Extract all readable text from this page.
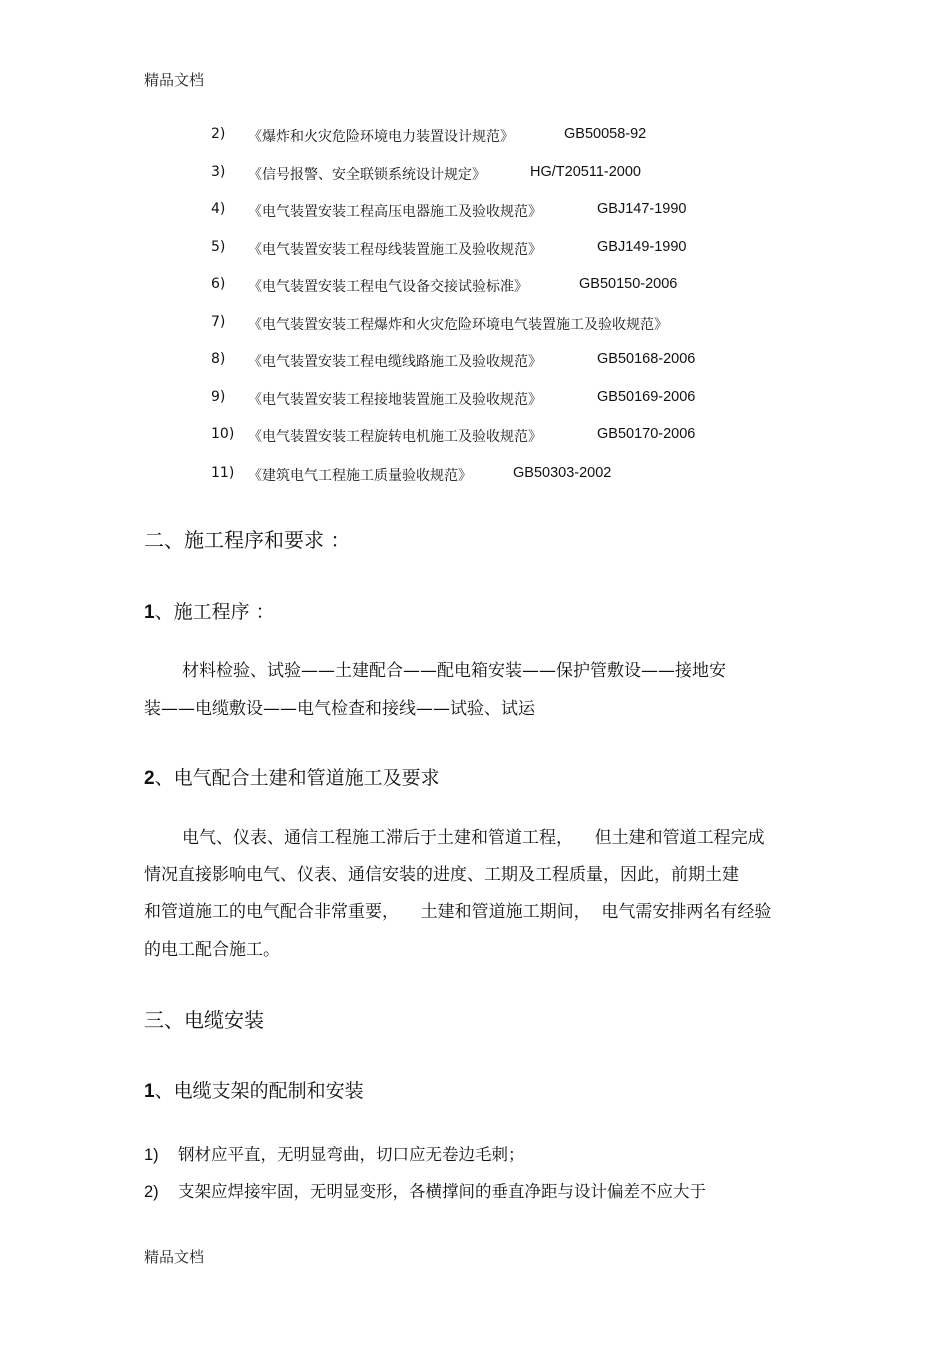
精品文档
2) 《爆炸和火灾危险环境电力装置设计规范》	GB50058-92
3) 《信号报警、安全联锁系统设计规定》	HG/T20511-2000
4) 《电气装置安装工程高压电器施工及验收规范》	GBJ147-1990
5) 《电气装置安装工程母线装置施工及验收规范》	GBJ149-1990
6) 《电气装置安装工程电气设备交接试验标准》	GB50150-2006
7) 《电气装置安装工程爆炸和火灾危险环境电气装置施工及验收规范》
8) 《电气装置安装工程电缆线路施工及验收规范》	GB50168-2006
9) 《电气装置安装工程接地装置施工及验收规范》	GB50169-2006
10) 《电气装置安装工程旋转电机施工及验收规范》	GB50170-2006
11) 《建筑电气工程施工质量验收规范》	GB50303-2002
二、施工程序和要求 ：
1、施工程序 ：
材料检验、试验——土建配合——配电箱安装——保护管敷设——接地安
装——电缆敷设——电气检查和接线——试验、试运
2、电气配合土建和管道施工及要求
电气、仪表、通信工程施工滞后于土建和管道工程，    但土建和管道工程完成
情况直接影响电气、仪表、通信安装的进度、工期及工程质量，因此，前期土建
和管道施工的电气配合非常重要，    土建和管道施工期间，  电气需安排两名有经验
的电工配合施工。
三、电缆安装
1、电缆支架的配制和安装
1) 钢材应平直，无明显弯曲，切口应无卷边毛刺；
2) 支架应焊接牢固，无明显变形，各横撑间的垂直净距与设计偏差不应大于
精品文档
